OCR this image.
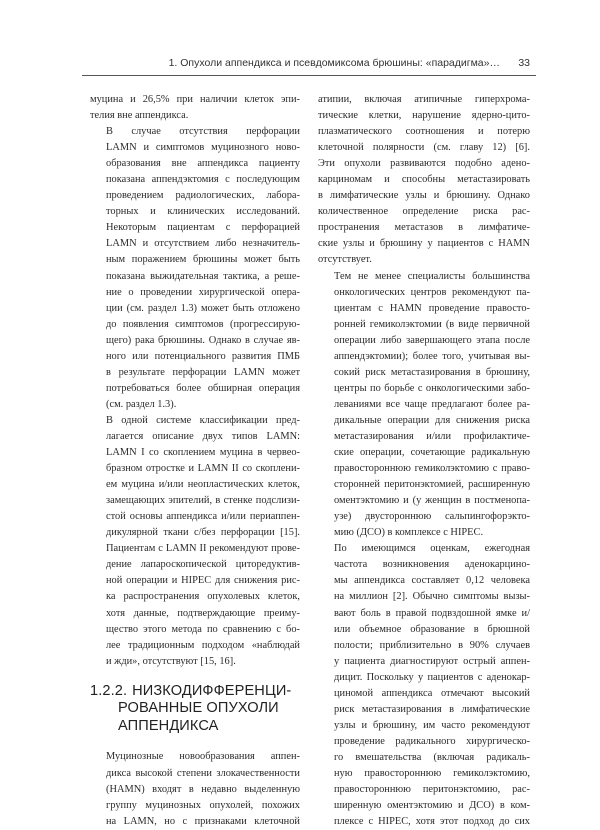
1. Опухоли аппендикса и псевдомиксома брюшины: «парадигма»… 33

муцина и 26,5% при наличии клеток эпи-
телия вне аппендикса.

В случае отсутствия перфорации
LAMN и симптомов муцинозного ново-
образования вне аппендикса пациенту
показана аппендэктомия с последующим
проведением радиологических, лабора-
торных и клинических исследований.
Некоторым пациентам с перфорацией
LAMN и отсутствием либо незначитель-
ным поражением брюшины может быть
показана выжидательная тактика, а реше-
ние о проведении хирургической опера-
ции (см. раздел 1.3) может быть отложено
до появления симптомов (прогрессирую-
щего) рака брюшины. Однако в случае яв-
ного или потенциального развития ПМБ
в результате перфорации LAMN может
потребоваться более обширная операция
(см. раздел 1.3).

В одной системе классификации пред-
лагается описание двух типов LAMN:
LAMN I со скоплением муцина в червео-
бразном отростке и LAMN II со скоплени-
ем муцина и/или неопластических клеток,
замещающих эпителий, в стенке подслизи-
стой основы аппендикса и/или периаппен-
дикулярной ткани с/без перфорации [15].
Пациентам с LAMN II рекомендуют прове-
дение лапароскопической циторедуктив-
ной операции и HIPEC для снижения рис-
ка распространения опухолевых клеток,
хотя данные, подтверждающие преиму-
щество этого метода по сравнению с бо-
лее традиционным подходом «наблюдай
и жди», отсутствуют [15, 16].

1.2.2. НИЗКОДИФФЕРЕНЦИ-
РОВАННЫЕ ОПУХОЛИ
АППЕНДИКСА

Муцинозные новообразования аппен-
дикса высокой степени злокачественности
(HAMN) входят в недавно выделенную
группу муцинозных опухолей, похожих
на LAMN, но с признаками клеточной

атипии, включая атипичные гиперхрома-
тические клетки, нарушение ядерно-цито-
плазматического соотношения и потерю
клеточной полярности (см. главу 12) [6].
Эти опухоли развиваются подобно адено-
карциномам и способны метастазировать
в лимфатические узлы и брюшину. Однако
количественное определение риска рас-
пространения метастазов в лимфатиче-
ские узлы и брюшину у пациентов с HAMN
отсутствует.

Тем не менее специалисты большинства
онкологических центров рекомендуют па-
циентам с HAMN проведение правосто-
ронней гемиколэктомии (в виде первичной
операции либо завершающего этапа после
аппендэктомии); более того, учитывая вы-
сокий риск метастазирования в брюшину,
центры по борьбе с онкологическими забо-
леваниями все чаще предлагают более ра-
дикальные операции для снижения риска
метастазирования и/или профилактиче-
ские операции, сочетающие радикальную
правостороннюю гемиколэктомию с право-
сторонней перитонэктомией, расширенную
оментэктомию и (у женщин в постменопа-
узе) двустороннюю сальпингофорэкто-
мию (ДСО) в комплексе с HIPEC.

По имеющимся оценкам, ежегодная
частота возникновения аденокарцино-
мы аппендикса составляет 0,12 человека
на миллион [2]. Обычно симптомы вызы-
вают боль в правой подвздошной ямке и/
или объемное образование в брюшной
полости; приблизительно в 90% случаев
у пациента диагностируют острый аппен-
дицит. Поскольку у пациентов с аденокар-
циномой аппендикса отмечают высокий
риск метастазирования в лимфатические
узлы и брюшину, им часто рекомендуют
проведение радикального хирургическо-
го вмешательства (включая радикаль-
ную правостороннюю гемиколэктомию,
правостороннюю перитонэктомию, рас-
ширенную оментэктомию и ДСО) в ком-
плексе с HIPEC, хотя этот подход до сих
